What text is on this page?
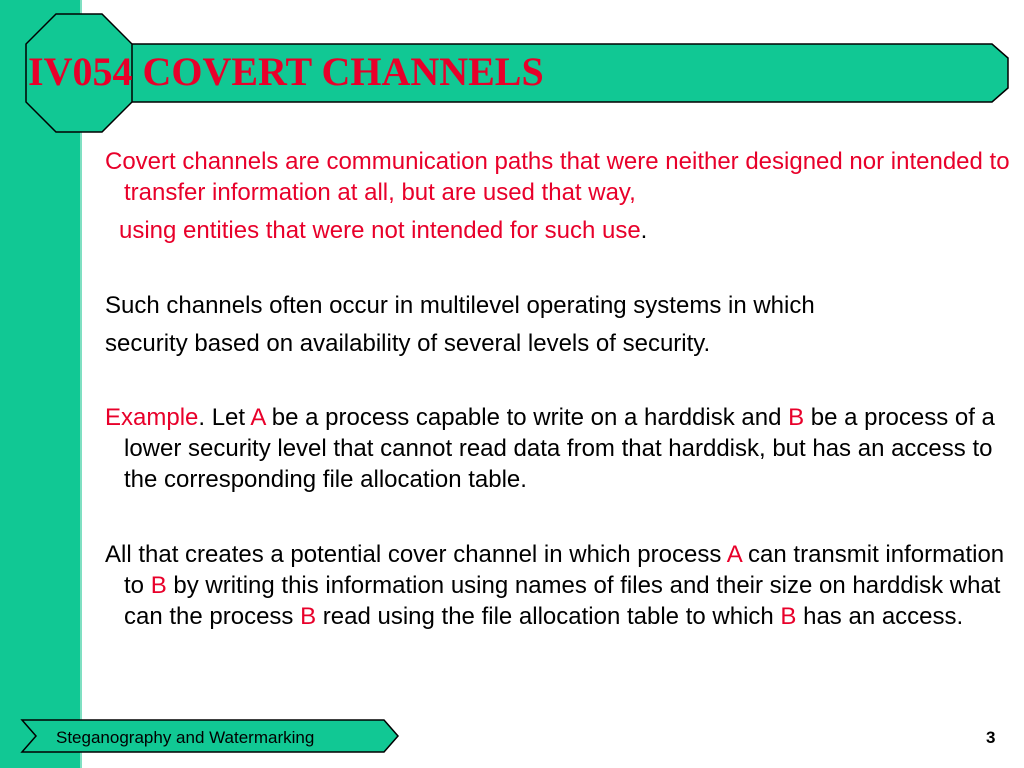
IV054 COVERT CHANNELS

Covert channels are communication paths that were neither designed nor intended to transfer information at all, but are used that way,

using entities that were not intended for such use.

Such channels often occur in multilevel operating systems in which

security based on availability of several levels of security.

Example. Let A be a process capable to write on a harddisk and B be a process of a lower security level that cannot read data from that harddisk, but has an access to the corresponding file allocation table.

All that creates a potential cover channel in which process A can transmit information to B by writing this information using names of files and their size on harddisk what can the process B read using the file allocation table to which B has an access.

Steganography and Watermarking	3
